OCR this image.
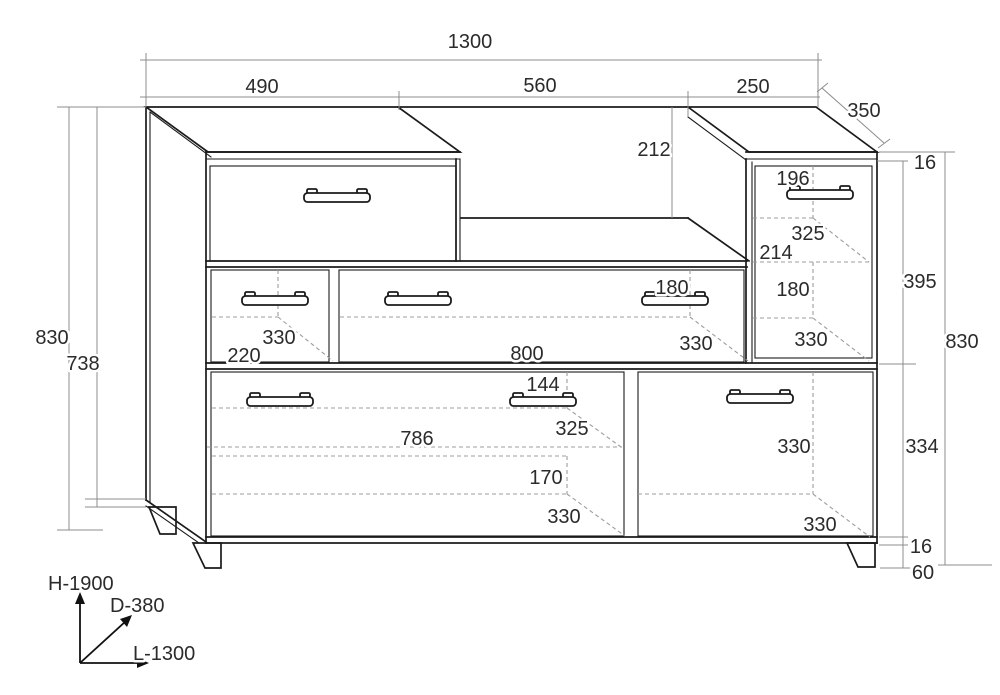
1300
490	560	250
350
212
16
196
325
214
180
330
395
830
334
16
60
830
738
330
220
180
330
800
144
325
786
170
330
330
330
H-1900
D-380
L-1300
